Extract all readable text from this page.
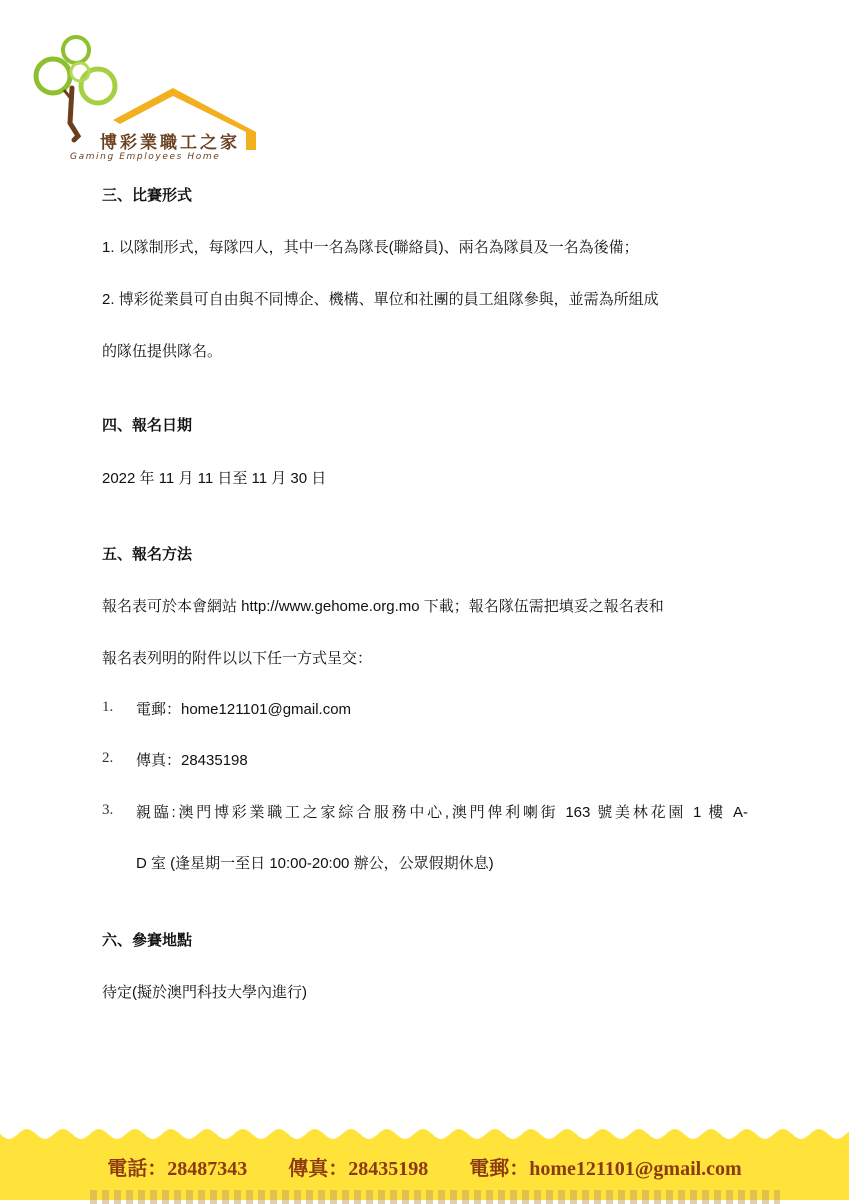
博彩業職工之家
Gaming Employees Home
三、比賽形式
1. 以隊制形式，每隊四人，其中一名為隊長(聯絡員)、兩名為隊員及一名為後備；
2. 博彩從業員可自由與不同博企、機構、單位和社團的員工組隊參與，並需為所組成
的隊伍提供隊名。
四、報名日期
2022 年 11 月 11 日至 11 月 30 日
五、報名方法
報名表可於本會網站 http://www.gehome.org.mo 下載；報名隊伍需把填妥之報名表和
報名表列明的附件以以下任一方式呈交：
1.	電郵：home121101@gmail.com
2.	傳真：28435198
3.	親臨:澳門博彩業職工之家綜合服務中心,澳門俾利喇街 163 號美林花園 1 樓 A-
D 室 (逢星期一至日 10:00-20:00 辦公，公眾假期休息)
六、參賽地點
待定(擬於澳門科技大學內進行)
電話：28487343 傳真：28435198 電郵：home121101@gmail.com
